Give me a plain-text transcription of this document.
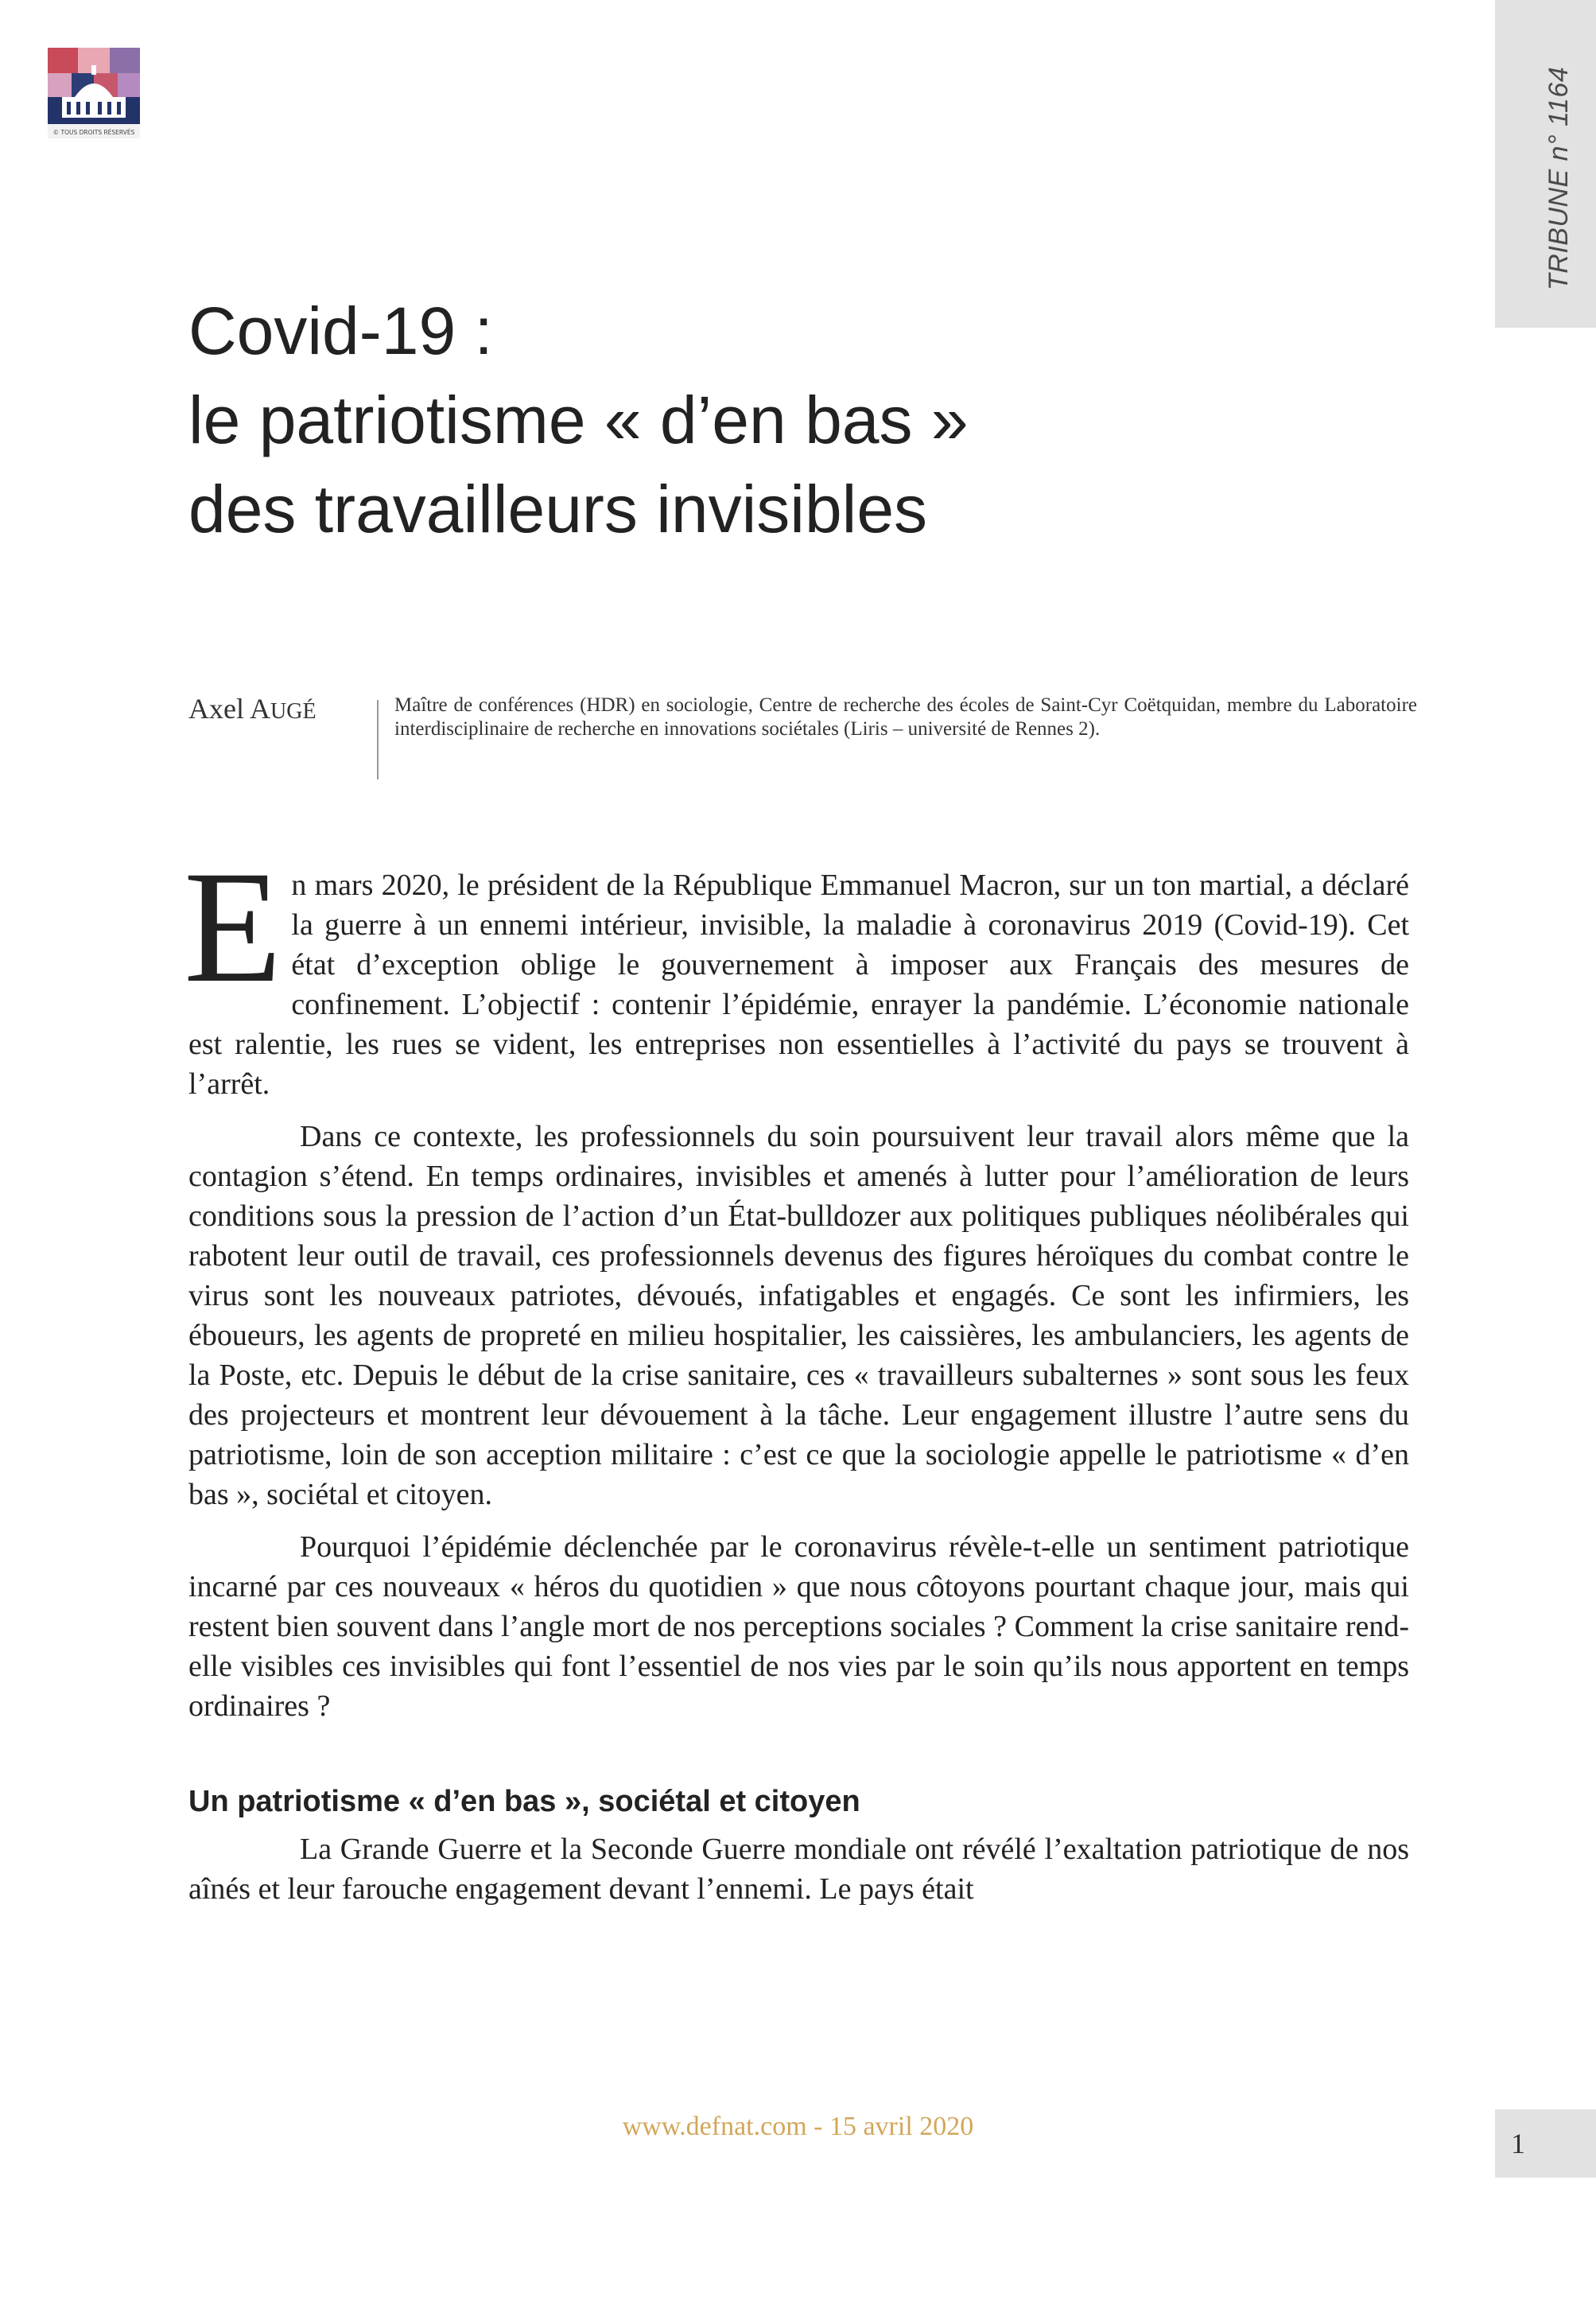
© TOUS DROITS RÉSERVÉS
TRIBUNE n° 1164
Covid-19 :
le patriotisme « d’en bas »
des travailleurs invisibles
Axel AUGÉ	Maître de conférences (HDR) en sociologie, Centre de recherche des écoles de Saint-Cyr Coëtquidan, membre du Laboratoire interdisciplinaire de recherche en innovations sociétales (Liris – université de Rennes 2).

En mars 2020, le président de la République Emmanuel Macron, sur un ton martial, a déclaré la guerre à un ennemi intérieur, invisible, la maladie à coronavirus 2019 (Covid-19). Cet état d’exception oblige le gouvernement à imposer aux Français des mesures de confinement. L’objectif : contenir l’épidémie, enrayer la pandémie. L’économie nationale est ralentie, les rues se vident, les entreprises non essentielles à l’activité du pays se trouvent à l’arrêt.

Dans ce contexte, les professionnels du soin poursuivent leur travail alors même que la contagion s’étend. En temps ordinaires, invisibles et amenés à lutter pour l’amélioration de leurs conditions sous la pression de l’action d’un État-bulldozer aux politiques publiques néolibérales qui rabotent leur outil de travail, ces professionnels devenus des figures héroïques du combat contre le virus sont les nouveaux patriotes, dévoués, infatigables et engagés. Ce sont les infirmiers, les éboueurs, les agents de propreté en milieu hospitalier, les caissières, les ambulanciers, les agents de la Poste, etc. Depuis le début de la crise sanitaire, ces « travailleurs subalternes » sont sous les feux des projecteurs et montrent leur dévouement à la tâche. Leur engagement illustre l’autre sens du patriotisme, loin de son acception militaire : c’est ce que la sociologie appelle le patriotisme « d’en bas », sociétal et citoyen.

Pourquoi l’épidémie déclenchée par le coronavirus révèle-t-elle un sentiment patriotique incarné par ces nouveaux « héros du quotidien » que nous côtoyons pourtant chaque jour, mais qui restent bien souvent dans l’angle mort de nos perceptions sociales ? Comment la crise sanitaire rend-elle visibles ces invisibles qui font l’essentiel de nos vies par le soin qu’ils nous apportent en temps ordinaires ?

Un patriotisme « d’en bas », sociétal et citoyen

La Grande Guerre et la Seconde Guerre mondiale ont révélé l’exaltation patriotique de nos aînés et leur farouche engagement devant l’ennemi. Le pays était

www.defnat.com - 15 avril 2020
1
